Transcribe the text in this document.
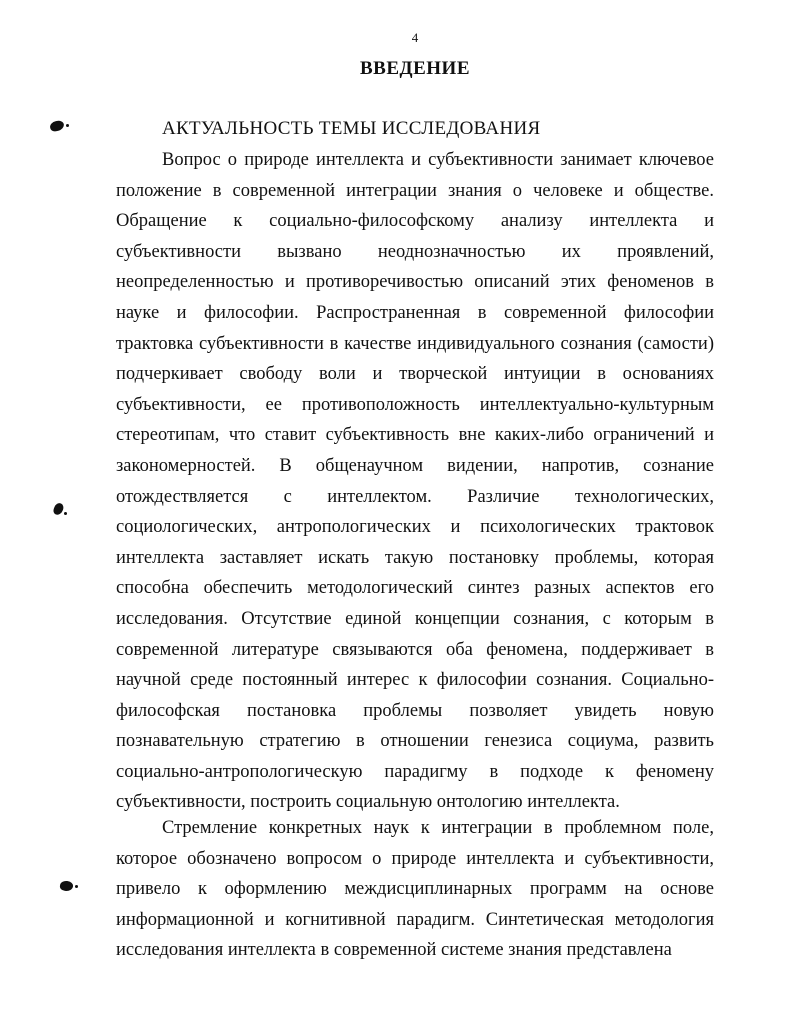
4
ВВЕДЕНИЕ
АКТУАЛЬНОСТЬ ТЕМЫ ИССЛЕДОВАНИЯ

Вопрос о природе интеллекта и субъективности занимает ключевое положение в современной интеграции знания о человеке и обществе. Обращение к социально-философскому анализу интеллекта и субъективности вызвано неоднозначностью их проявлений, неопределенностью и противоречивостью описаний этих феноменов в науке и философии. Распространенная в современной философии трактовка субъективности в качестве индивидуального сознания (самости) подчеркивает свободу воли и творческой интуиции в основаниях субъективности, ее противоположность интеллектуально-культурным стереотипам, что ставит субъективность вне каких-либо ограничений и закономерностей. В общенаучном видении, напротив, сознание отождествляется с интеллектом. Различие технологических, социологических, антропологических и психологических трактовок интеллекта заставляет искать такую постановку проблемы, которая способна обеспечить методологический синтез разных аспектов его исследования. Отсутствие единой концепции сознания, с которым в современной литературе связываются оба феномена, поддерживает в научной среде постоянный интерес к философии сознания. Социально-философская постановка проблемы позволяет увидеть новую познавательную стратегию в отношении генезиса социума, развить социально-антропологическую парадигму в подходе к феномену субъективности, построить социальную онтологию интеллекта.

Стремление конкретных наук к интеграции в проблемном поле, которое обозначено вопросом о природе интеллекта и субъективности, привело к оформлению междисциплинарных программ на основе информационной и когнитивной парадигм. Синтетическая методология исследования интеллекта в современной системе знания представлена
